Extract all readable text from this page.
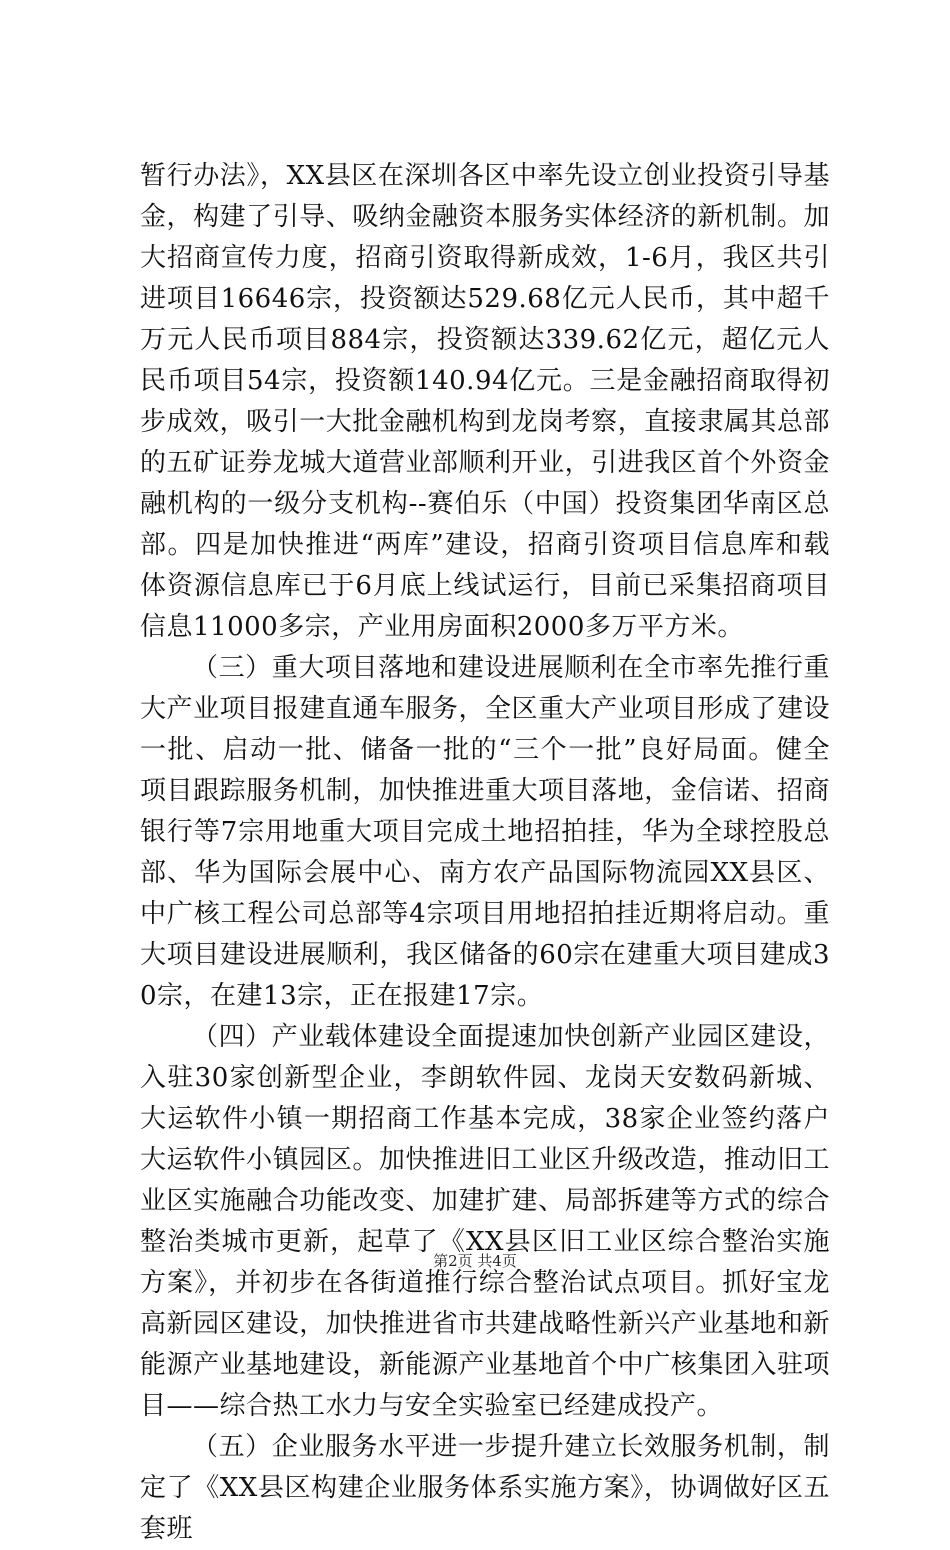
暂行办法》，XX县区在深圳各区中率先设立创业投资引导基金，构建了引导、吸纳金融资本服务实体经济的新机制。加大招商宣传力度，招商引资取得新成效，1-6月，我区共引进项目16646宗，投资额达529.68亿元人民币，其中超千万元人民币项目884宗，投资额达339.62亿元，超亿元人民币项目54宗，投资额140.94亿元。三是金融招商取得初步成效，吸引一大批金融机构到龙岗考察，直接隶属其总部的五矿证券龙城大道营业部顺利开业，引进我区首个外资金融机构的一级分支机构--赛伯乐（中国）投资集团华南区总部。四是加快推进“两库”建设，招商引资项目信息库和载体资源信息库已于6月底上线试运行，目前已采集招商项目信息11000多宗，产业用房面积2000多万平方米。

（三）重大项目落地和建设进展顺利在全市率先推行重大产业项目报建直通车服务，全区重大产业项目形成了建设一批、启动一批、储备一批的“三个一批”良好局面。健全项目跟踪服务机制，加快推进重大项目落地，金信诺、招商银行等7宗用地重大项目完成土地招拍挂，华为全球控股总部、华为国际会展中心、南方农产品国际物流园XX县区、中广核工程公司总部等4宗项目用地招拍挂近期将启动。重大项目建设进展顺利，我区储备的60宗在建重大项目建成30宗，在建13宗，正在报建17宗。

（四）产业载体建设全面提速加快创新产业园区建设，入驻30家创新型企业，李朗软件园、龙岗天安数码新城、大运软件小镇一期招商工作基本完成，38家企业签约落户大运软件小镇园区。加快推进旧工业区升级改造，推动旧工业区实施融合功能改变、加建扩建、局部拆建等方式的综合整治类城市更新，起草了《XX县区旧工业区综合整治实施方案》，并初步在各街道推行综合整治试点项目。抓好宝龙高新园区建设，加快推进省市共建战略性新兴产业基地和新能源产业基地建设，新能源产业基地首个中广核集团入驻项目——综合热工水力与安全实验室已经建成投产。

（五）企业服务水平进一步提升建立长效服务机制，制定了《XX县区构建企业服务体系实施方案》，协调做好区五套班

第2页 共4页
